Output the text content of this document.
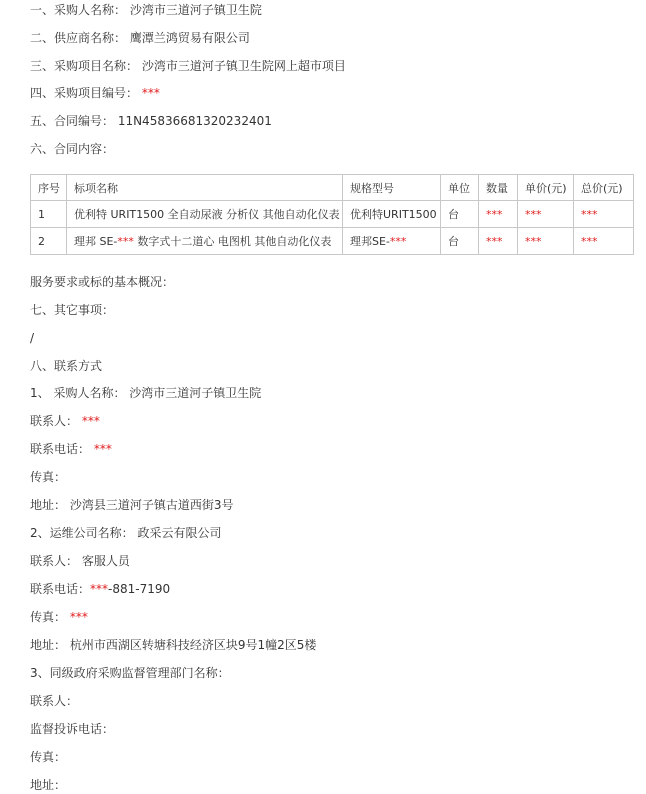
一、采购人名称： 沙湾市三道河子镇卫生院
二、供应商名称： 鹰潭兰鸿贸易有限公司
三、采购项目名称： 沙湾市三道河子镇卫生院网上超市项目
四、采购项目编号： ***
五、合同编号： 11N45836681320232401
六、合同内容：
序号	标项名称	规格型号	单位	数量	单价(元)	总价(元)
1	优利特 URIT1500 全自动尿液 分析仪 其他自动化仪表	优利特URIT1500	台	***	***	***
2	理邦 SE-*** 数字式十二道心 电图机 其他自动化仪表	理邦SE-***	台	***	***	***
服务要求或标的基本概况：
七、其它事项：
/
八、联系方式
1、 采购人名称： 沙湾市三道河子镇卫生院
联系人： ***
联系电话： ***
传真：
地址： 沙湾县三道河子镇古道西街3号
2、运维公司名称： 政采云有限公司
联系人： 客服人员
联系电话：***-881-7190
传真： ***
地址： 杭州市西湖区转塘科技经济区块9号1幢2区5楼
3、同级政府采购监督管理部门名称：
联系人：
监督投诉电话：
传真：
地址：
